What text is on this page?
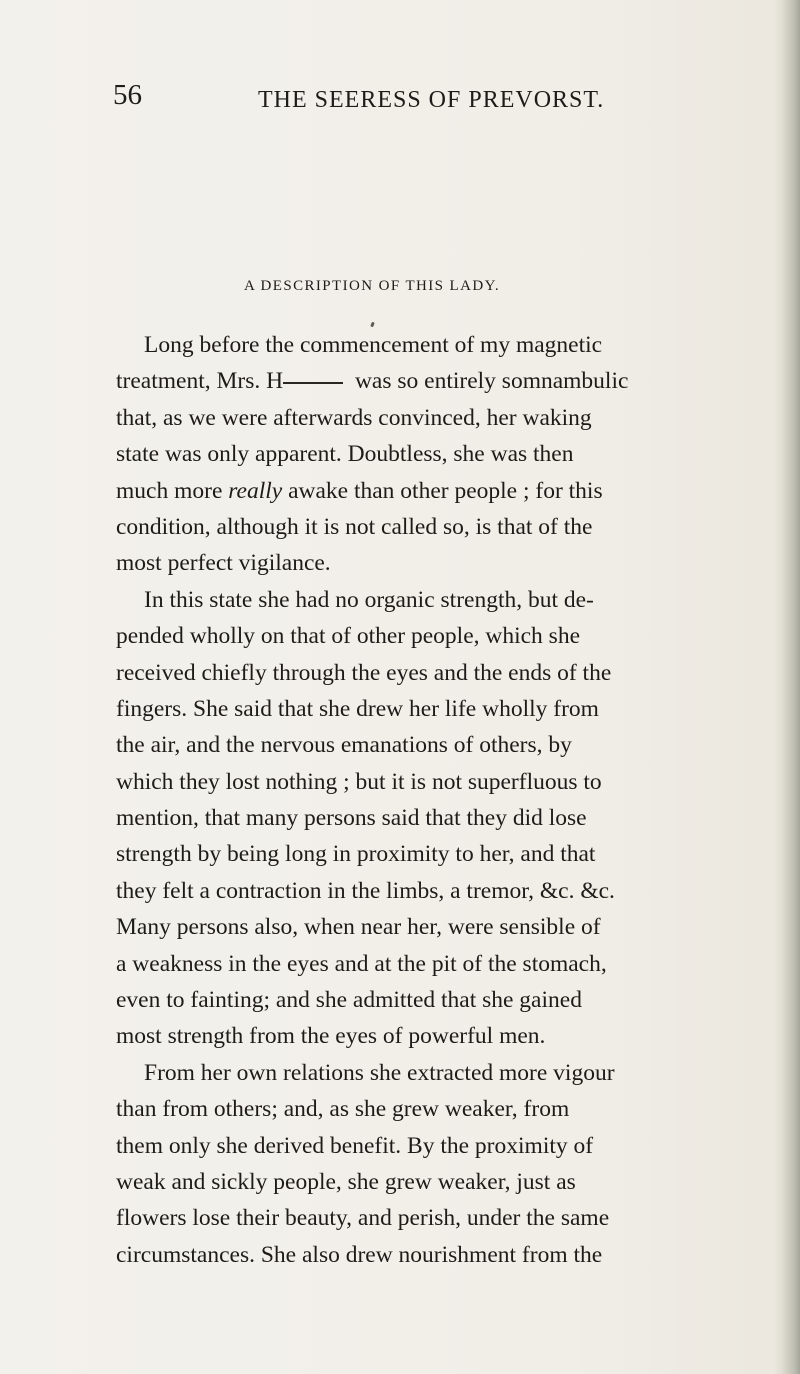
56	THE SEERESS OF PREVORST.
A DESCRIPTION OF THIS LADY.
Long before the commencement of my magnetic
treatment, Mrs. H	was so entirely somnambulic
that, as we were afterwards convinced, her waking
state was only apparent. Doubtless, she was then
much more really awake than other people ; for this
condition, although it is not called so, is that of the
most perfect vigilance.
In this state she had no organic strength, but de-
pended wholly on that of other people, which she
received chiefly through the eyes and the ends of the
fingers. She said that she drew her life wholly from
the air, and the nervous emanations of others, by
which they lost nothing ; but it is not superfluous to
mention, that many persons said that they did lose
strength by being long in proximity to her, and that
they felt a contraction in the limbs, a tremor, &c. &c.
Many persons also, when near her, were sensible of
a weakness in the eyes and at the pit of the stomach,
even to fainting; and she admitted that she gained
most strength from the eyes of powerful men.
From her own relations she extracted more vigour
than from others; and, as she grew weaker, from
them only she derived benefit. By the proximity of
weak and sickly people, she grew weaker, just as
flowers lose their beauty, and perish, under the same
circumstances. She also drew nourishment from the
